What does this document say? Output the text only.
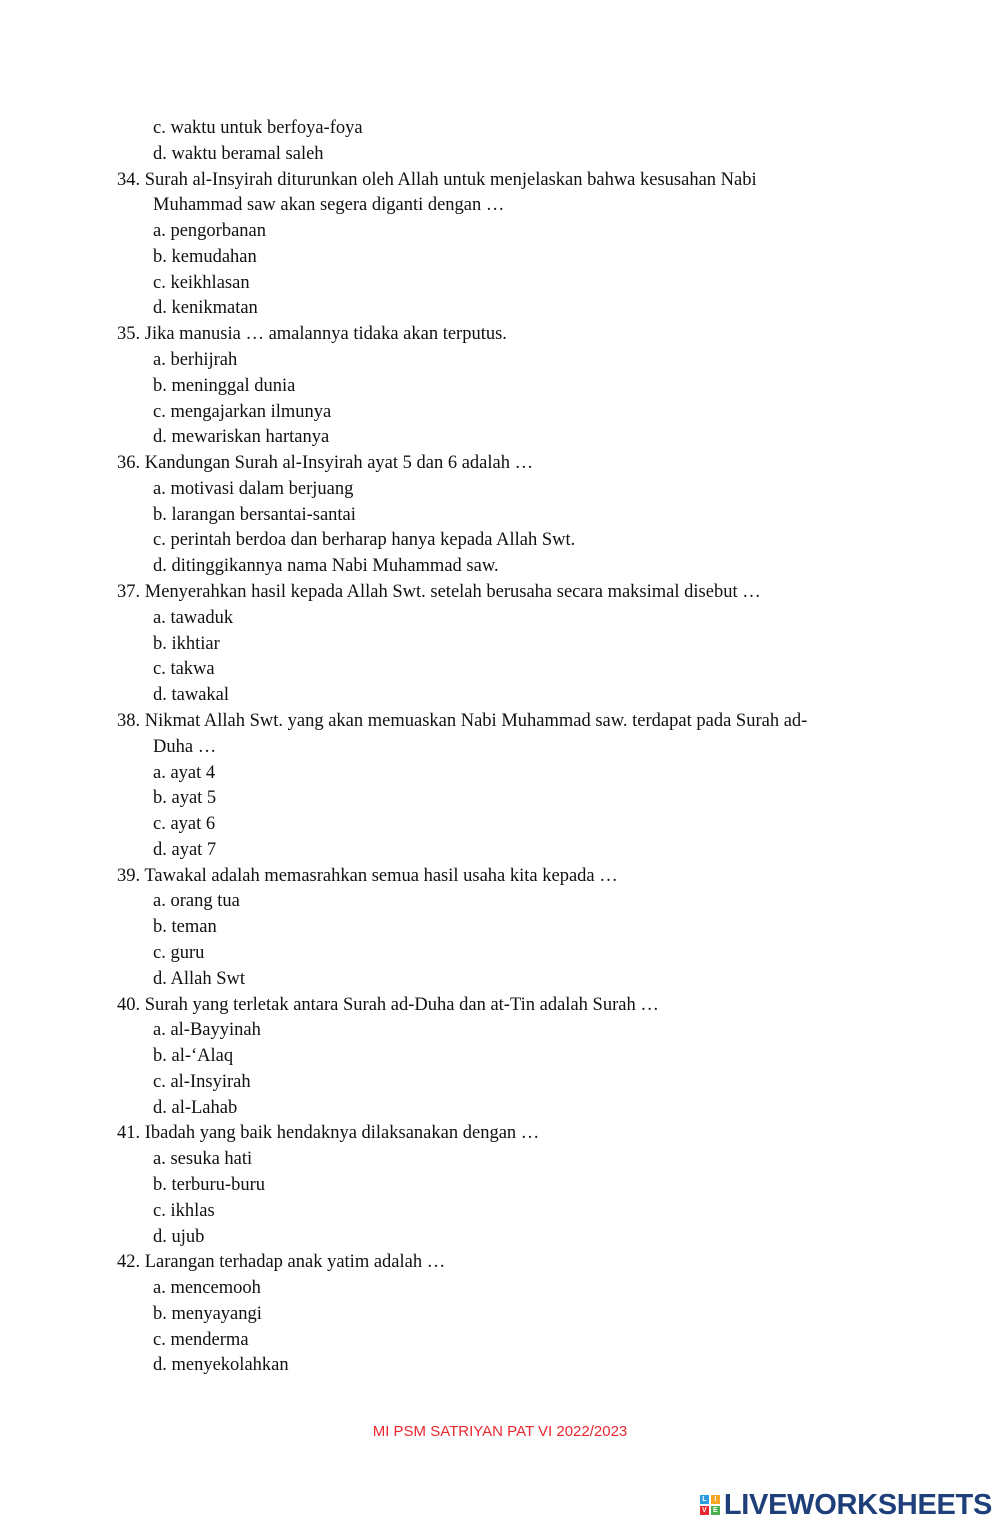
c. waktu untuk berfoya-foya
d. waktu beramal saleh
34. Surah al-Insyirah diturunkan oleh Allah untuk menjelaskan bahwa kesusahan Nabi
Muhammad saw akan segera diganti dengan …
a. pengorbanan
b. kemudahan
c. keikhlasan
d. kenikmatan
35. Jika manusia … amalannya tidaka akan terputus.
a. berhijrah
b. meninggal dunia
c. mengajarkan ilmunya
d. mewariskan hartanya
36. Kandungan Surah al-Insyirah ayat 5 dan 6 adalah …
a. motivasi dalam berjuang
b. larangan bersantai-santai
c. perintah berdoa dan berharap hanya kepada Allah Swt.
d. ditinggikannya nama Nabi Muhammad saw.
37. Menyerahkan hasil kepada Allah Swt. setelah berusaha secara maksimal disebut …
a. tawaduk
b. ikhtiar
c. takwa
d. tawakal
38. Nikmat Allah Swt. yang akan memuaskan Nabi Muhammad saw. terdapat pada Surah ad-
Duha …
a. ayat 4
b. ayat 5
c. ayat 6
d. ayat 7
39. Tawakal adalah memasrahkan semua hasil usaha kita kepada …
a. orang tua
b. teman
c. guru
d. Allah Swt
40. Surah yang terletak antara Surah ad-Duha dan at-Tin adalah Surah …
a. al-Bayyinah
b. al-‘Alaq
c. al-Insyirah
d. al-Lahab
41. Ibadah yang baik hendaknya dilaksanakan dengan …
a. sesuka hati
b. terburu-buru
c. ikhlas
d. ujub
42. Larangan terhadap anak yatim adalah …
a. mencemooh
b. menyayangi
c. menderma
d. menyekolahkan
MI PSM SATRIYAN PAT VI 2022/2023
L	I
V E LIVEWORKSHEETS
